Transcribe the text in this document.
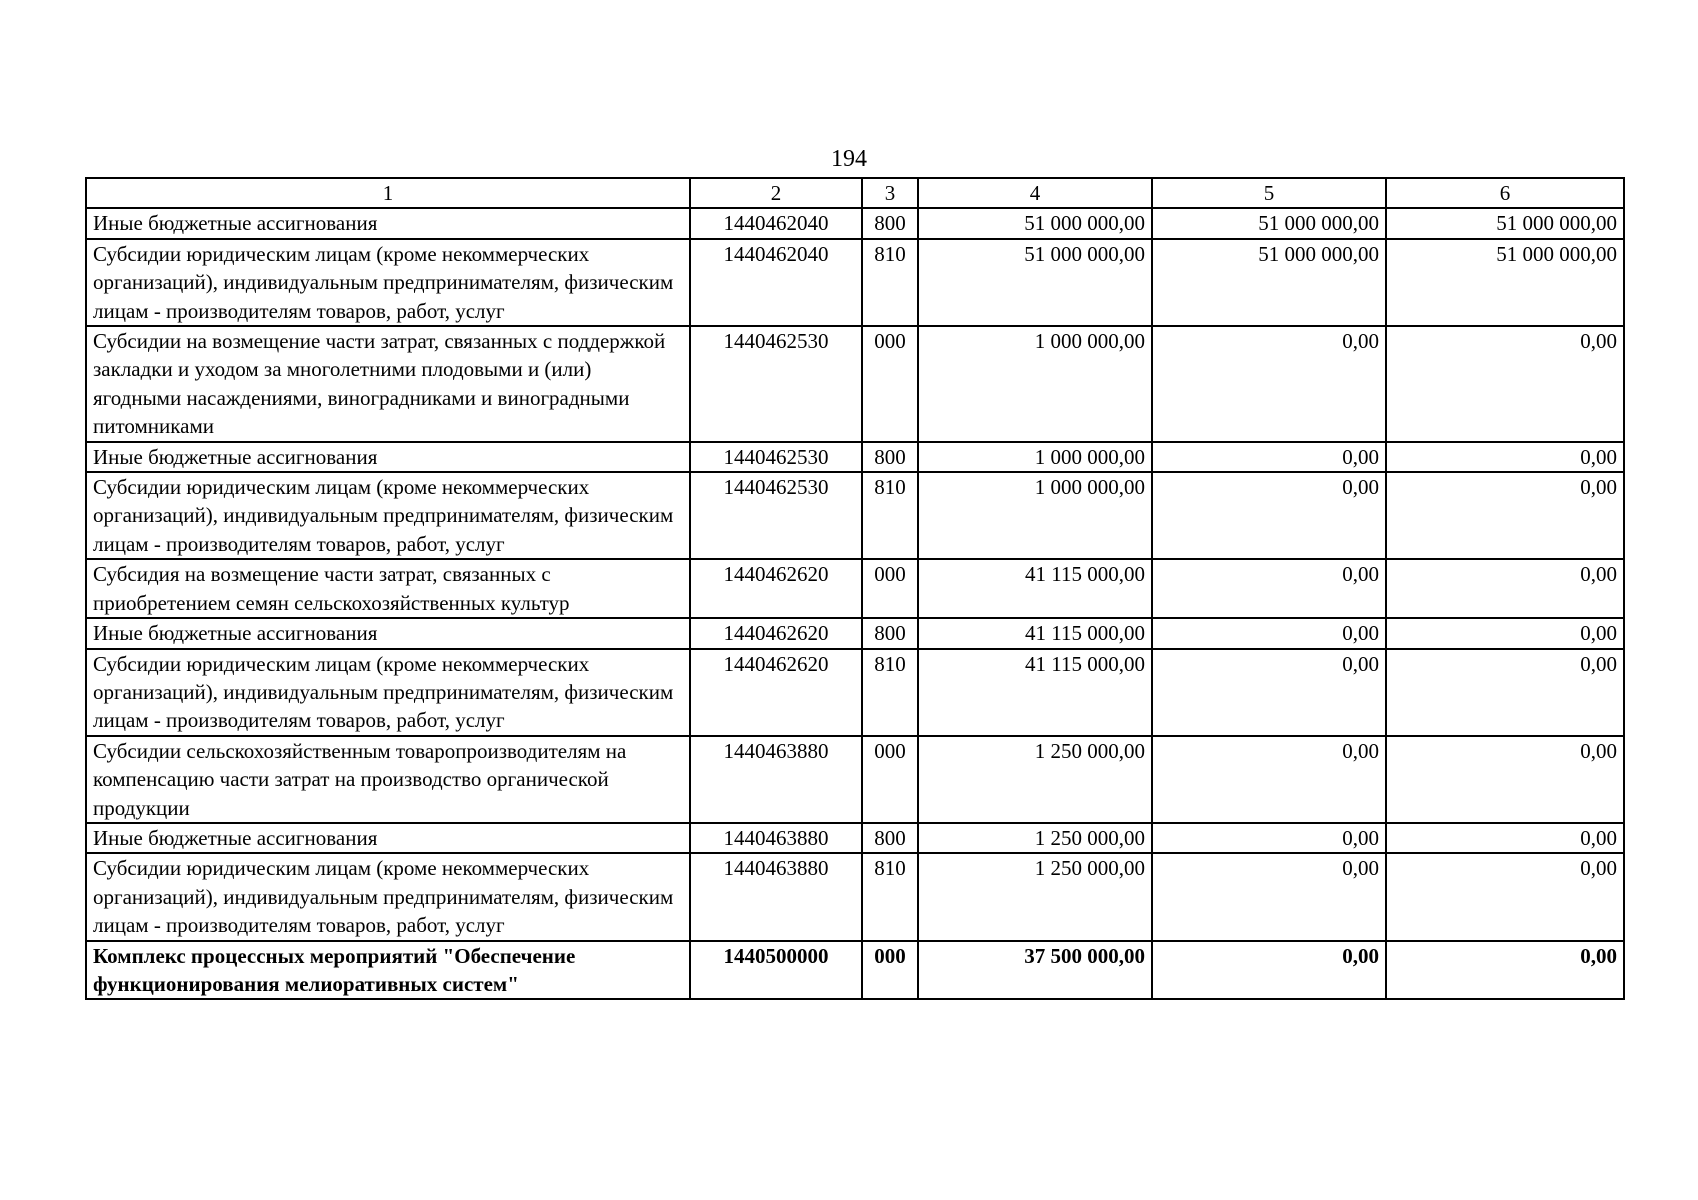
194
1	2	3	4	5	6
Иные бюджетные ассигнования	1440462040	800	51 000 000,00	51 000 000,00	51 000 000,00
Субсидии юридическим лицам (кроме некоммерческих организаций), индивидуальным предпринимателям, физическим лицам - производителям товаров, работ, услуг	1440462040	810	51 000 000,00	51 000 000,00	51 000 000,00
Субсидии на возмещение части затрат, связанных с поддержкой закладки и уходом за многолетними плодовыми и (или) ягодными насаждениями, виноградниками и виноградными питомниками	1440462530	000	1 000 000,00	0,00	0,00
Иные бюджетные ассигнования	1440462530	800	1 000 000,00	0,00	0,00
Субсидии юридическим лицам (кроме некоммерческих организаций), индивидуальным предпринимателям, физическим лицам - производителям товаров, работ, услуг	1440462530	810	1 000 000,00	0,00	0,00
Субсидия на возмещение части затрат, связанных с приобретением семян сельскохозяйственных культур	1440462620	000	41 115 000,00	0,00	0,00
Иные бюджетные ассигнования	1440462620	800	41 115 000,00	0,00	0,00
Субсидии юридическим лицам (кроме некоммерческих организаций), индивидуальным предпринимателям, физическим лицам - производителям товаров, работ, услуг	1440462620	810	41 115 000,00	0,00	0,00
Субсидии сельскохозяйственным товаропроизводителям на компенсацию части затрат на производство органической продукции	1440463880	000	1 250 000,00	0,00	0,00
Иные бюджетные ассигнования	1440463880	800	1 250 000,00	0,00	0,00
Субсидии юридическим лицам (кроме некоммерческих организаций), индивидуальным предпринимателям, физическим лицам - производителям товаров, работ, услуг	1440463880	810	1 250 000,00	0,00	0,00
Комплекс процессных мероприятий "Обеспечение функционирования мелиоративных систем"	1440500000	000	37 500 000,00	0,00	0,00
